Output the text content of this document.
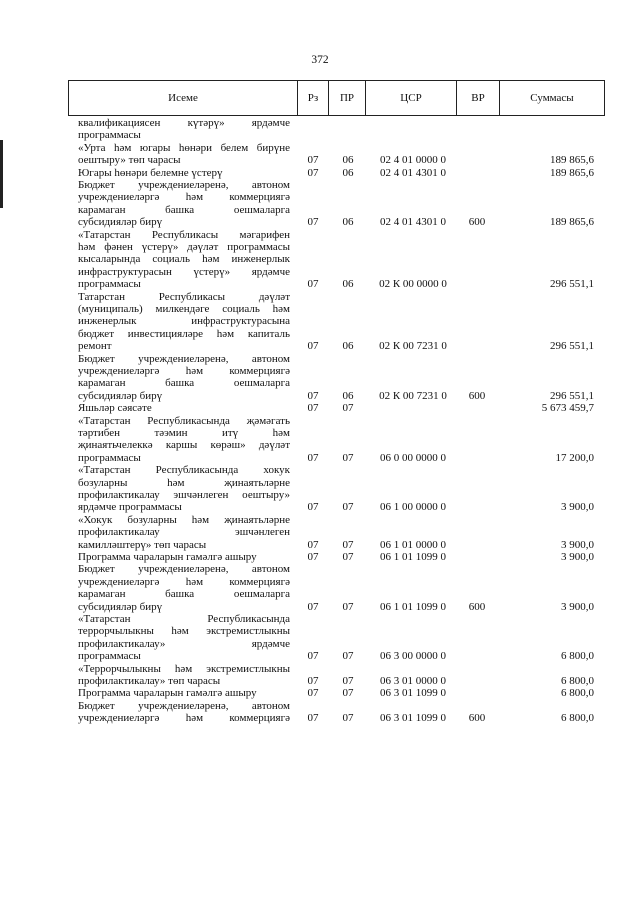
372
Исеме	Рз	ПР	ЦСР	ВР	Суммасы
квалификациясен күтәрү» ярдәмче
программасы
«Урта һәм югары һөнәри белем бирүне
оештыру» төп чарасы	07	06	02 4 01 0000 0	189 865,6
Югары һөнәри белемне үстерү	07	06	02 4 01 4301 0	189 865,6
Бюджет учреждениеләренә, автоном
учреждениеләргә һәм коммерциягә
карамаган башка оешмаларга
субсидияләр бирү	07	06	02 4 01 4301 0	600	189 865,6
«Татарстан Республикасы мәгарифен
һәм фәнен үстерү» дәүләт программасы
кысаларында социаль һәм инженерлык
инфраструктурасын үстерү» ярдәмче
программасы	07	06	02 К 00 0000 0	296 551,1
Татарстан Республикасы дәүләт
(муниципаль) милкендәге социаль һәм
инженерлык инфраструктурасына
бюджет инвестицияләре һәм капиталь
ремонт	07	06	02 К 00 7231 0	296 551,1
Бюджет учреждениеләренә, автоном
учреждениеләргә һәм коммерциягә
карамаган башка оешмаларга
субсидияләр бирү	07	06	02 К 00 7231 0	600	296 551,1
Яшьләр сәясәте	07	07	5 673 459,7
«Татарстан Республикасында җәмәгать
тәртибен тәэмин итү һәм
җинаятьчелеккә каршы көрәш» дәүләт
программасы	07	07	06 0 00 0000 0	17 200,0
«Татарстан Республикасында хокук
бозуларны һәм җинаятьләрне
профилактикалау эшчәнлеген оештыру»
ярдәмче программасы	07	07	06 1 00 0000 0	3 900,0
«Хокук бозуларны һәм җинаятьләрне
профилактикалау эшчәнлеген
камилләштерү» төп чарасы	07	07	06 1 01 0000 0	3 900,0
Программа чараларын гамәлгә ашыру	07	07	06 1 01 1099 0	3 900,0
Бюджет учреждениеләренә, автоном
учреждениеләргә һәм коммерциягә
карамаган башка оешмаларга
субсидияләр бирү	07	07	06 1 01 1099 0	600	3 900,0
«Татарстан Республикасында
террорчылыкны һәм экстремистлыкны
профилактикалау» ярдәмче
программасы	07	07	06 3 00 0000 0	6 800,0
«Террорчылыкны һәм экстремистлыкны
профилактикалау» төп чарасы	07	07	06 3 01 0000 0	6 800,0
Программа чараларын гамәлгә ашыру	07	07	06 3 01 1099 0	6 800,0
Бюджет учреждениеләренә, автоном
учреждениеләргә һәм коммерциягә	07	07	06 3 01 1099 0	600	6 800,0
